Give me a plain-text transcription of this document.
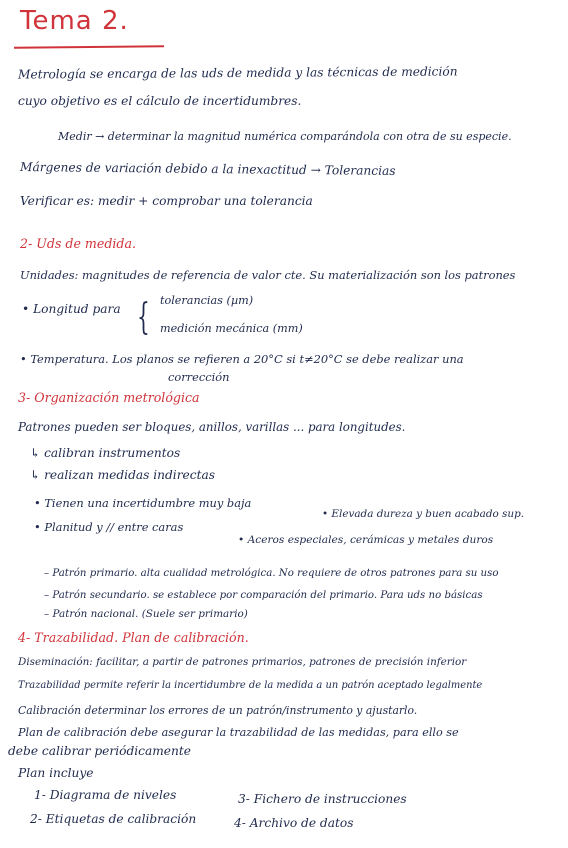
Tema 2.
Metrología se encarga de las uds de medida y las técnicas de medición
cuyo objetivo es el cálculo de incertidumbres.
Medir → determinar la magnitud numérica comparándola con otra de su especie.
Márgenes de variación debido a la inexactitud → Tolerancias
Verificar es: medir + comprobar una tolerancia
2- Uds de medida.
Unidades: magnitudes de referencia de valor cte. Su materialización son los patrones
• Longitud para { tolerancias (µm)
medición mecánica (mm)
• Temperatura. Los planos se refieren a 20°C si t≠20°C se debe realizar una
corrección
3- Organización metrológica
Patrones pueden ser bloques, anillos, varillas ... para longitudes.
↳ calibran instrumentos
↳ realizan medidas indirectas
• Tienen una incertidumbre muy baja
• Elevada dureza y buen acabado sup.
• Planitud y // entre caras
• Aceros especiales, cerámicas y metales duros
– Patrón primario. alta cualidad metrológica. No requiere de otros patrones para su uso
– Patrón secundario. se establece por comparación del primario. Para uds no básicas
– Patrón nacional. (Suele ser primario)
4- Trazabilidad. Plan de calibración.
Diseminación: facilitar, a partir de patrones primarios, patrones de precisión inferior
Trazabilidad permite referir la incertidumbre de la medida a un patrón aceptado legalmente
Calibración determinar los errores de un patrón/instrumento y ajustarlo.
Plan de calibración debe asegurar la trazabilidad de las medidas, para ello se
debe calibrar periódicamente
Plan incluye
1- Diagrama de niveles	3- Fichero de instrucciones
2- Etiquetas de calibración	4- Archivo de datos
